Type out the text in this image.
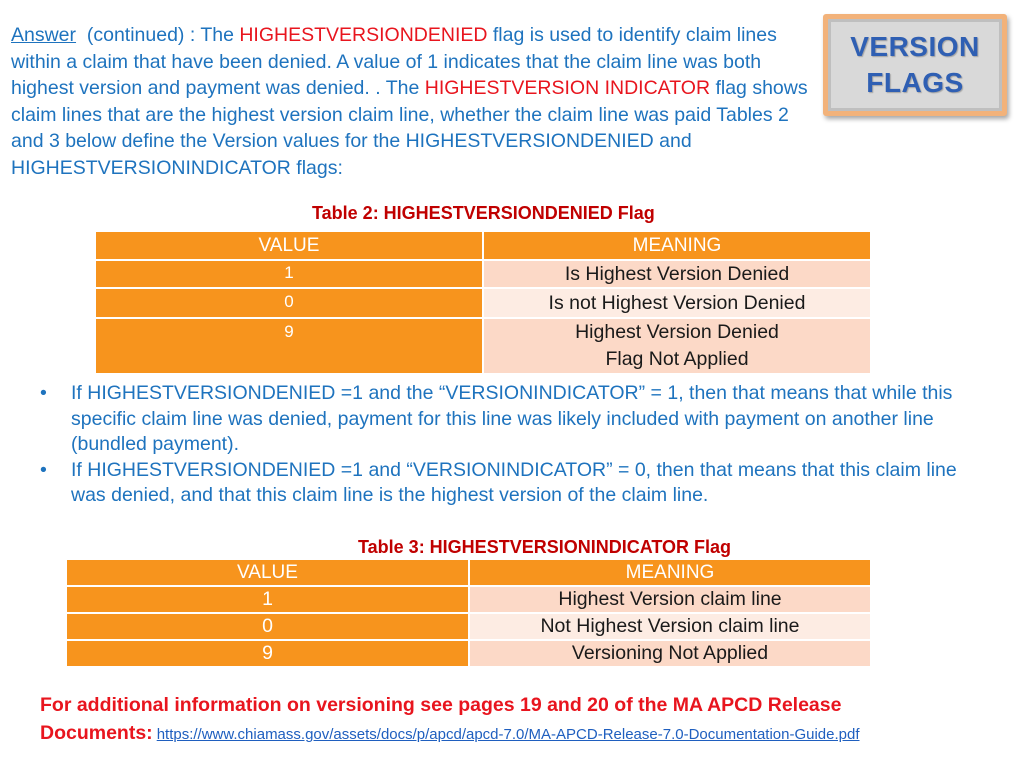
Answer  (continued) : The HIGHESTVERSIONDENIED flag is used to identify claim lines within a claim that have been denied. A value of 1 indicates that the claim line was both highest version and payment was denied. . The HIGHESTVERSION INDICATOR flag shows claim lines that are the highest version claim line, whether the claim line was paid Tables 2 and 3 below define the Version values for the HIGHESTVERSIONDENIED and HIGHESTVERSIONINDICATOR flags:
VERSION
FLAGS
Table 2: HIGHESTVERSIONDENIED Flag
VALUE	MEANING
1	Is Highest Version Denied
0	Is not Highest Version Denied
9	Highest Version Denied Flag Not Applied
•	If HIGHESTVERSIONDENIED =1 and the “VERSIONINDICATOR” = 1, then that means that while this specific claim line was denied, payment for this line was likely included with payment on another line (bundled payment).
•	If HIGHESTVERSIONDENIED =1 and “VERSIONINDICATOR” = 0, then that means that this claim line was denied, and that this claim line is the highest version of the claim line.
Table 3: HIGHESTVERSIONINDICATOR Flag
VALUE	MEANING
1	Highest Version claim line
0	Not Highest Version claim line
9	Versioning Not Applied
For additional information on versioning see pages 19 and 20 of the MA APCD Release Documents: https://www.chiamass.gov/assets/docs/p/apcd/apcd-7.0/MA-APCD-Release-7.0-Documentation-Guide.pdf
